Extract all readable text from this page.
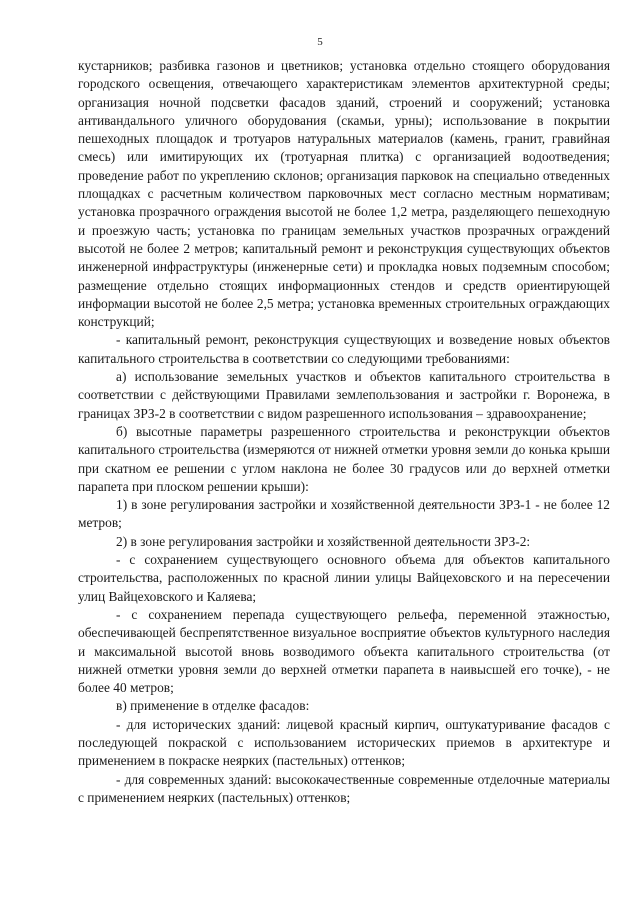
5

кустарников; разбивка газонов и цветников; установка отдельно стоящего оборудования городского освещения, отвечающего характеристикам элементов архитектурной среды; организация ночной подсветки фасадов зданий, строений и сооружений; установка антивандального уличного оборудования (скамьи, урны); использование в покрытии пешеходных площадок и тротуаров натуральных материалов (камень, гранит, гравийная смесь) или имитирующих их (тротуарная плитка) с организацией водоотведения; проведение работ по укреплению склонов; организация парковок на специально отведенных площадках с расчетным количеством парковочных мест согласно местным нормативам; установка прозрачного ограждения высотой не более 1,2 метра, разделяющего пешеходную и проезжую часть; установка по границам земельных участков прозрачных ограждений высотой не более 2 метров; капитальный ремонт и реконструкция существующих объектов инженерной инфраструктуры (инженерные сети) и прокладка новых подземным способом; размещение отдельно стоящих информационных стендов и средств ориентирующей информации высотой не более 2,5 метра; установка временных строительных ограждающих конструкций;

- капитальный ремонт, реконструкция существующих и возведение новых объектов капитального строительства в соответствии со следующими требованиями:

а) использование земельных участков и объектов капитального строительства в соответствии с действующими Правилами землепользования и застройки г. Воронежа, в границах ЗРЗ-2 в соответствии с видом разрешенного использования – здравоохранение;

б) высотные параметры разрешенного строительства и реконструкции объектов капитального строительства (измеряются от нижней отметки уровня земли до конька крыши при скатном ее решении с углом наклона не более 30 градусов или до верхней отметки парапета при плоском решении крыши):

1) в зоне регулирования застройки и хозяйственной деятельности ЗРЗ-1 - не более 12 метров;

2) в зоне регулирования застройки и хозяйственной деятельности ЗРЗ-2:

- с сохранением существующего основного объема для объектов капитального строительства, расположенных по красной линии улицы Вайцеховского и на пересечении улиц Вайцеховского и Каляева;

- с сохранением перепада существующего рельефа, переменной этажностью, обеспечивающей беспрепятственное визуальное восприятие объектов культурного наследия и максимальной высотой вновь возводимого объекта капитального строительства (от нижней отметки уровня земли до верхней отметки парапета в наивысшей его точке), - не более 40 метров;

в) применение в отделке фасадов:

- для исторических зданий: лицевой красный кирпич, оштукатуривание фасадов с последующей покраской с использованием исторических приемов в архитектуре и применением в покраске неярких (пастельных) оттенков;

- для современных зданий: высококачественные современные отделочные материалы с применением неярких (пастельных) оттенков;
